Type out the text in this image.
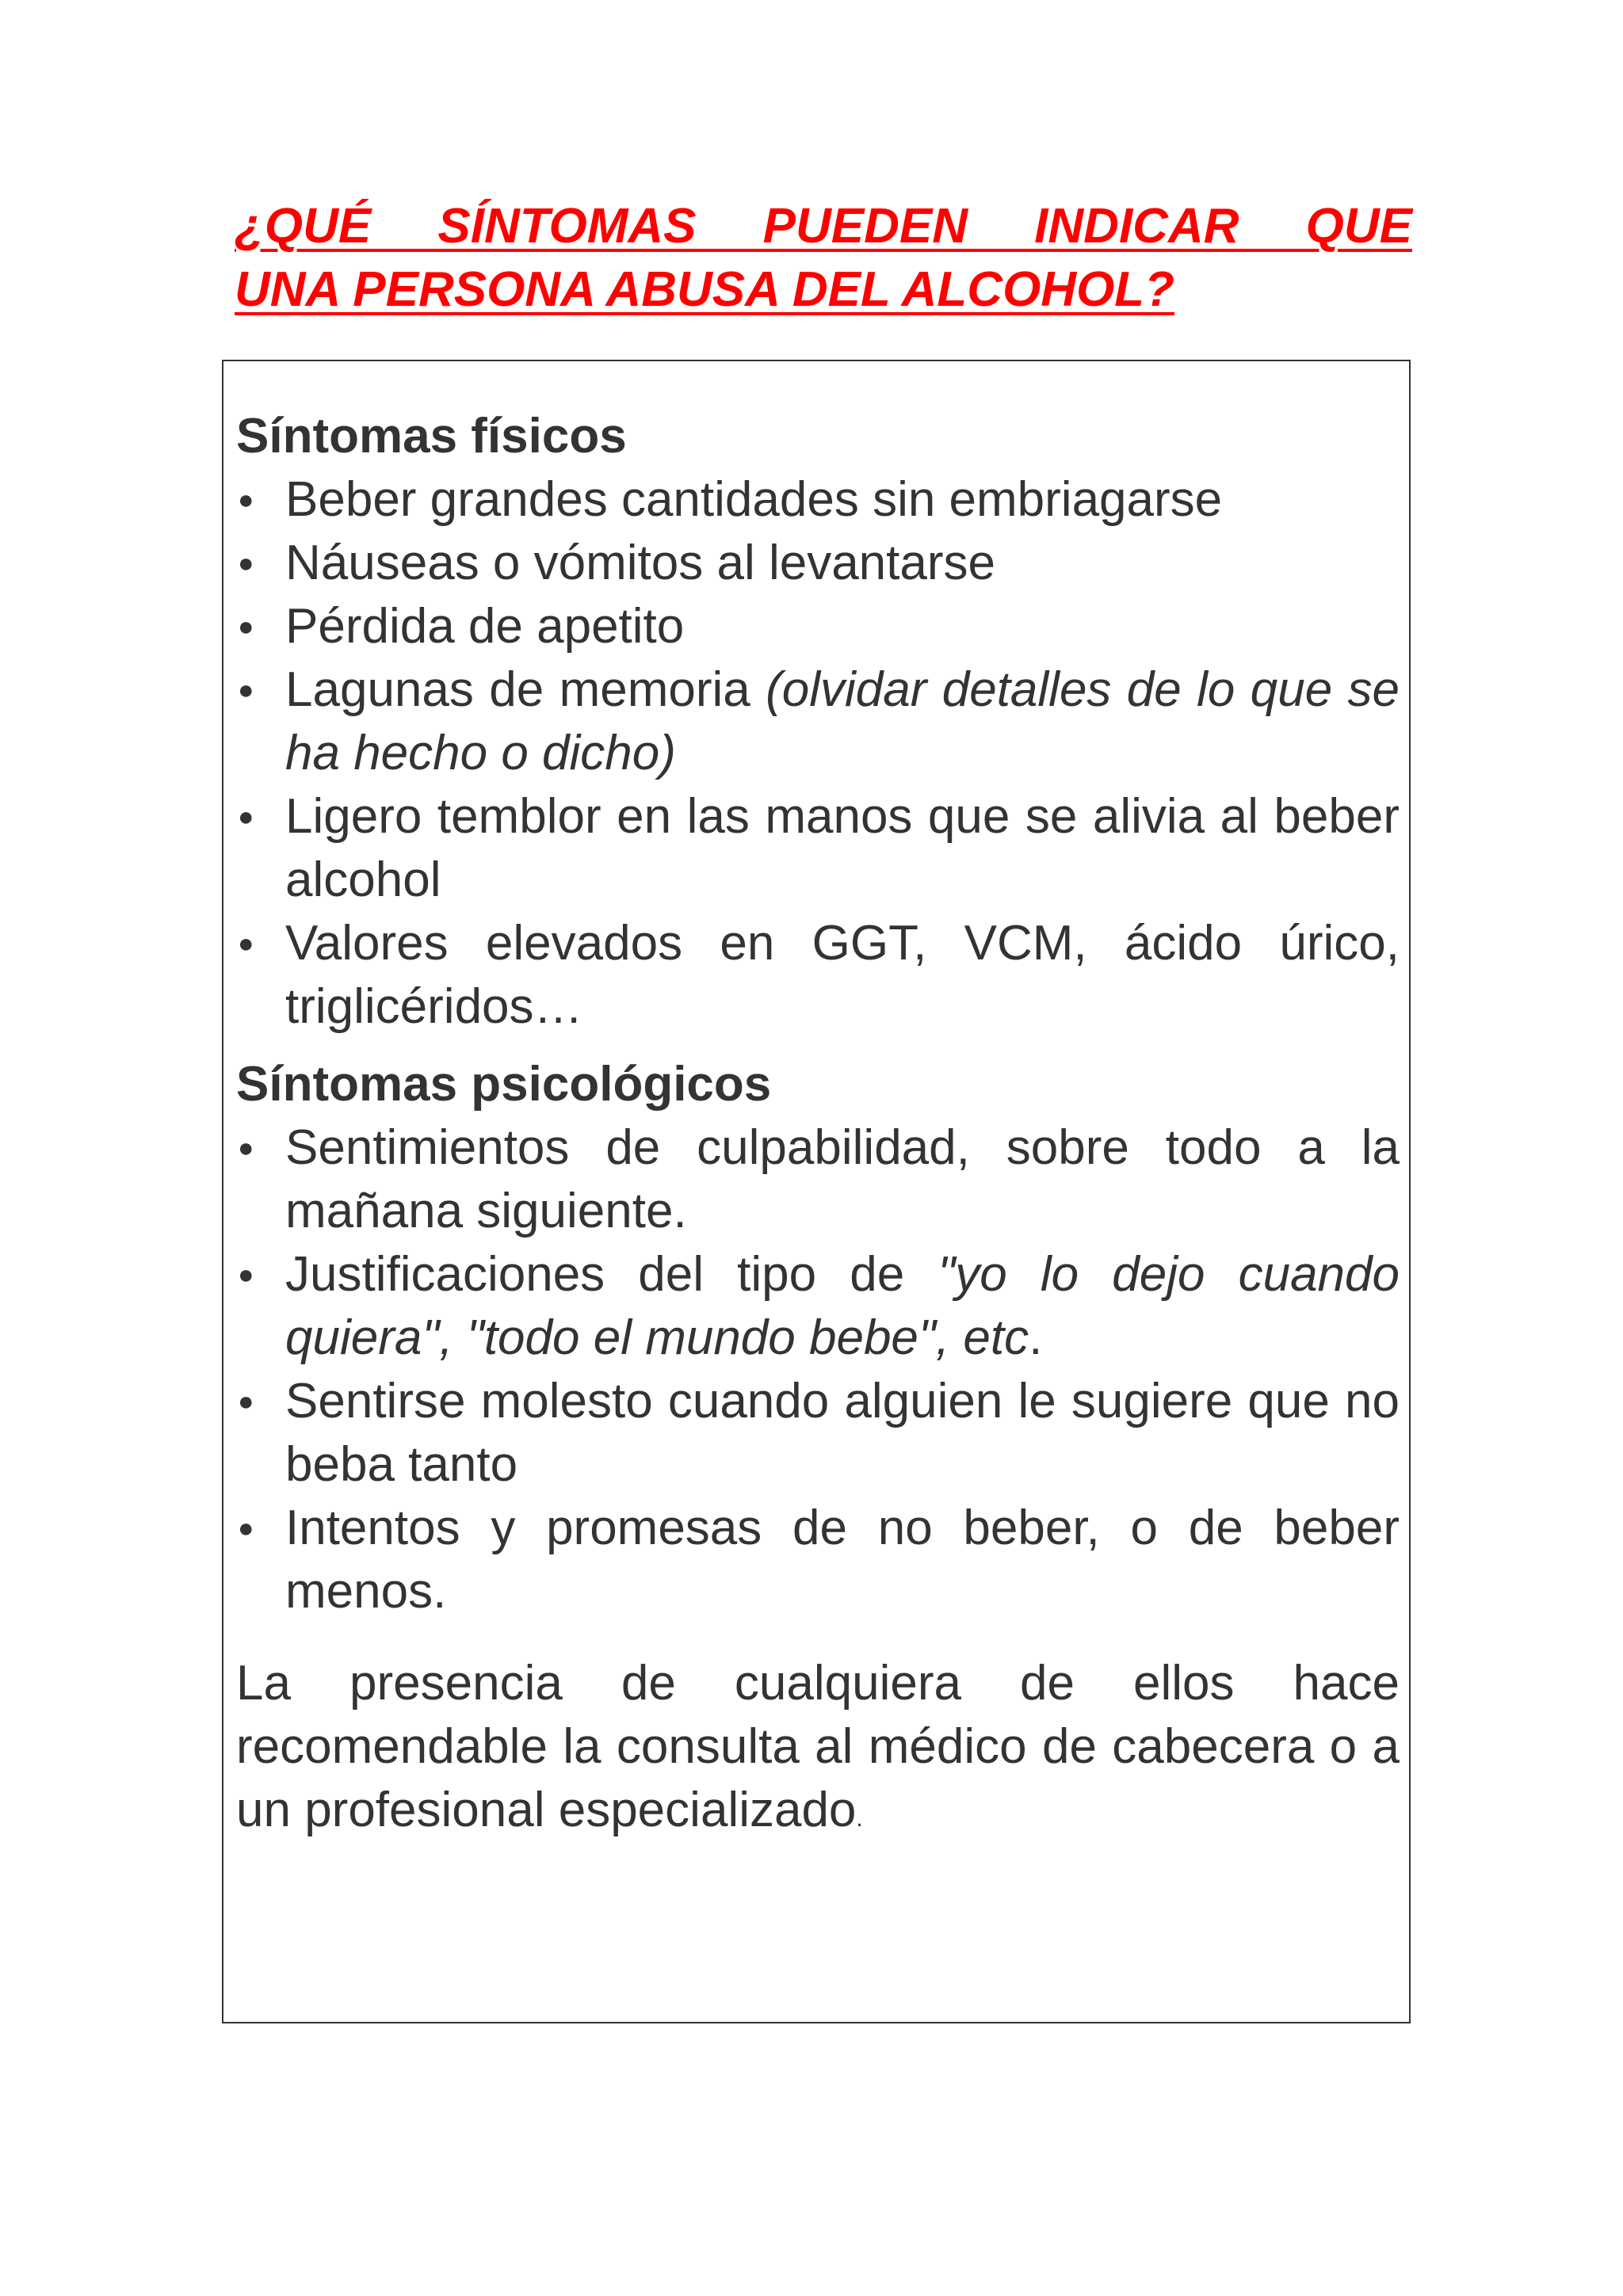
¿QUÉ SÍNTOMAS PUEDEN INDICAR QUE
UNA PERSONA ABUSA DEL ALCOHOL?
Síntomas físicos
● Beber grandes cantidades sin embriagarse
● Náuseas o vómitos al levantarse
● Pérdida de apetito
● Lagunas de memoria (olvidar detalles de lo que se ha hecho o dicho)
● Ligero temblor en las manos que se alivia al beber alcohol
● Valores elevados en GGT, VCM, ácido úrico, triglicéridos…
Síntomas psicológicos
● Sentimientos de culpabilidad, sobre todo a la mañana siguiente.
● Justificaciones del tipo de "yo lo dejo cuando quiera", "todo el mundo bebe", etc.
● Sentirse molesto cuando alguien le sugiere que no beba tanto
● Intentos y promesas de no beber, o de beber menos.

La presencia de cualquiera de ellos hace recomendable la consulta al médico de cabecera o a un profesional especializado.
